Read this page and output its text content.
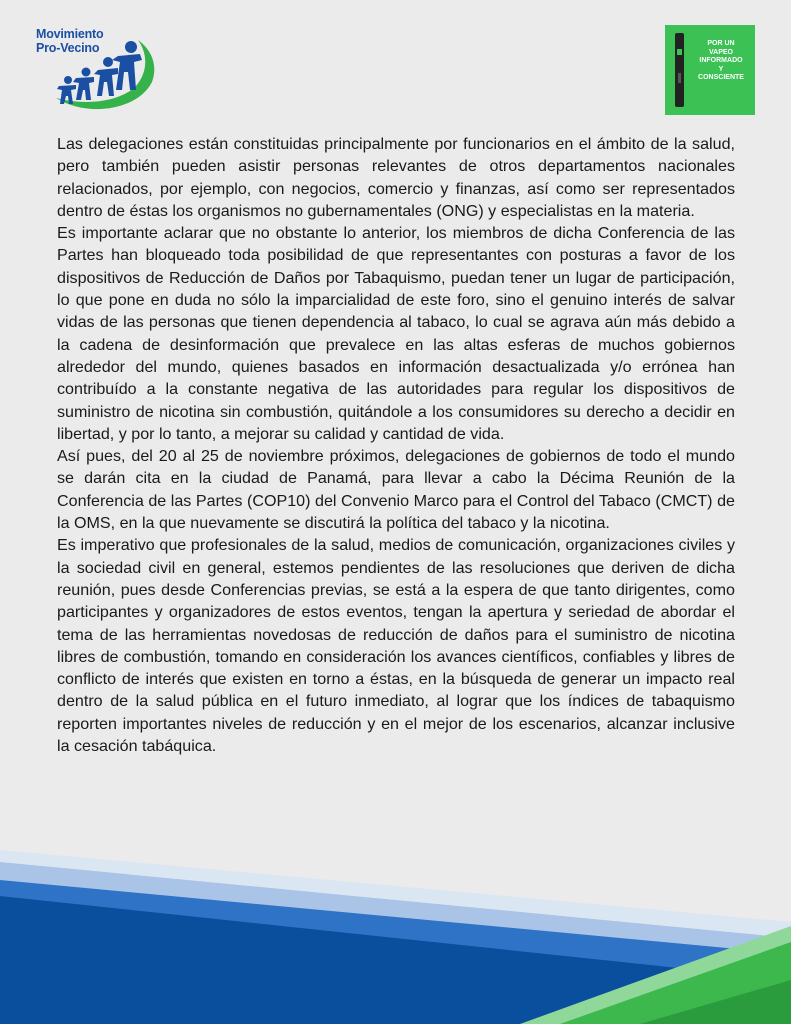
Movimiento
Pro-Vecino	POR UN
VAPEO
INFORMADO
Y
CONSCIENTE

Las delegaciones están constituidas principalmente por funcionarios en el ámbito de la salud, pero también pueden asistir personas relevantes de otros departamentos nacionales relacionados, por ejemplo, con negocios, comercio y finanzas, así como ser representados dentro de éstas los organismos no gubernamentales (ONG) y especialistas en la materia.

Es importante aclarar que no obstante lo anterior, los miembros de dicha Conferencia de las Partes han bloqueado toda posibilidad de que representantes con posturas a favor de los dispositivos de Reducción de Daños por Tabaquismo, puedan tener un lugar de participación, lo que pone en duda no sólo la imparcialidad de este foro, sino el genuino interés de salvar vidas de las personas que tienen dependencia al tabaco, lo cual se agrava aún más debido a la cadena de desinformación que prevalece en las altas esferas de muchos gobiernos alrededor del mundo, quienes basados en información desactualizada y/o errónea han contribuído a la constante negativa de las autoridades para regular los dispositivos de suministro de nicotina sin combustión, quitándole a los consumidores su derecho a decidir en libertad, y por lo tanto, a mejorar su calidad y cantidad de vida.

Así pues, del 20 al 25 de noviembre próximos, delegaciones de gobiernos de todo el mundo se darán cita en la ciudad de Panamá, para llevar a cabo la Décima Reunión de la Conferencia de las Partes (COP10) del Convenio Marco para el Control del Tabaco (CMCT) de la OMS, en la que nuevamente se discutirá la política del tabaco y la nicotina.

Es imperativo que profesionales de la salud, medios de comunicación, organizaciones civiles y la sociedad civil en general, estemos pendientes de las resoluciones que deriven de dicha reunión, pues desde Conferencias previas, se está a la espera de que tanto dirigentes, como participantes y organizadores de estos eventos, tengan la apertura y seriedad de abordar el tema de las herramientas novedosas de reducción de daños para el suministro de nicotina libres de combustión, tomando en consideración los avances científicos, confiables y libres de conflicto de interés que existen en torno a éstas, en la búsqueda de generar un impacto real dentro de la salud pública en el futuro inmediato, al lograr que los índices de tabaquismo reporten importantes niveles de reducción y en el mejor de los escenarios, alcanzar inclusive la cesación tabáquica.
